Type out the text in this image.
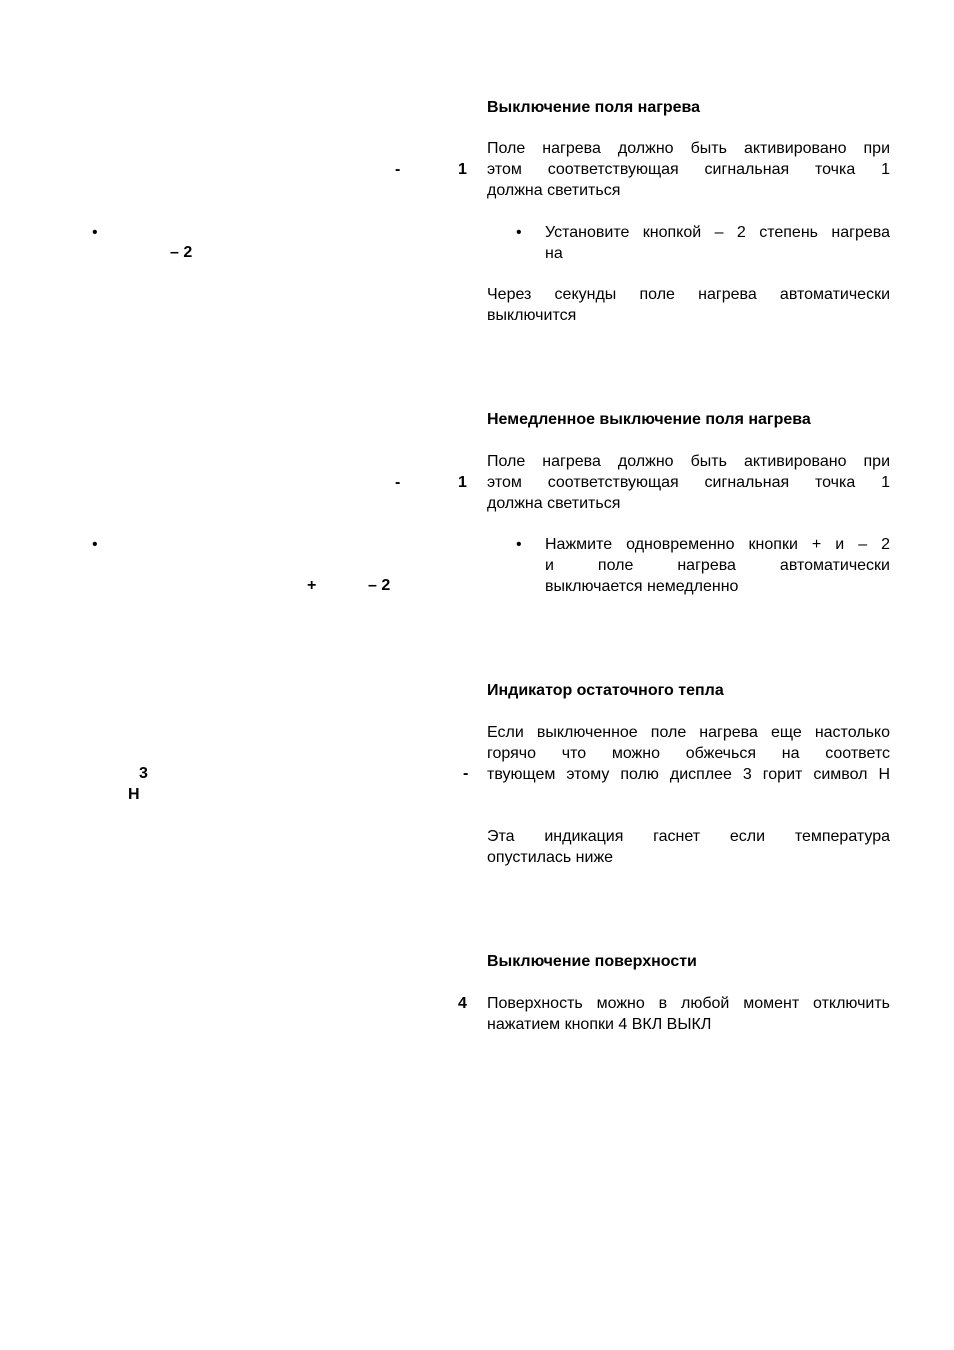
-	1
•
– 2
-	1
•
+	– 2
3	-
H
4
Выключение поля нагрева
Поле нагрева должно быть активировано при
этом соответствующая сигнальная точка 1
должна светиться
• Установите кнопкой – 2 степень нагрева
на
Через секунды поле нагрева автоматически
выключится
Немедленное выключение поля нагрева
Поле нагрева должно быть активировано при
этом соответствующая сигнальная точка 1
должна светиться
• Нажмите одновременно кнопки + и – 2
и поле нагрева автоматически
выключается немедленно
Индикатор остаточного тепла
Если выключенное поле нагрева еще настолько
горячо что можно обжечься на соответс
твующем этому полю дисплее 3 горит символ H
Эта индикация гаснет если температура
опустилась ниже
Выключение поверхности
Поверхность можно в любой момент отключить
нажатием кнопки 4 ВКЛ ВЫКЛ
